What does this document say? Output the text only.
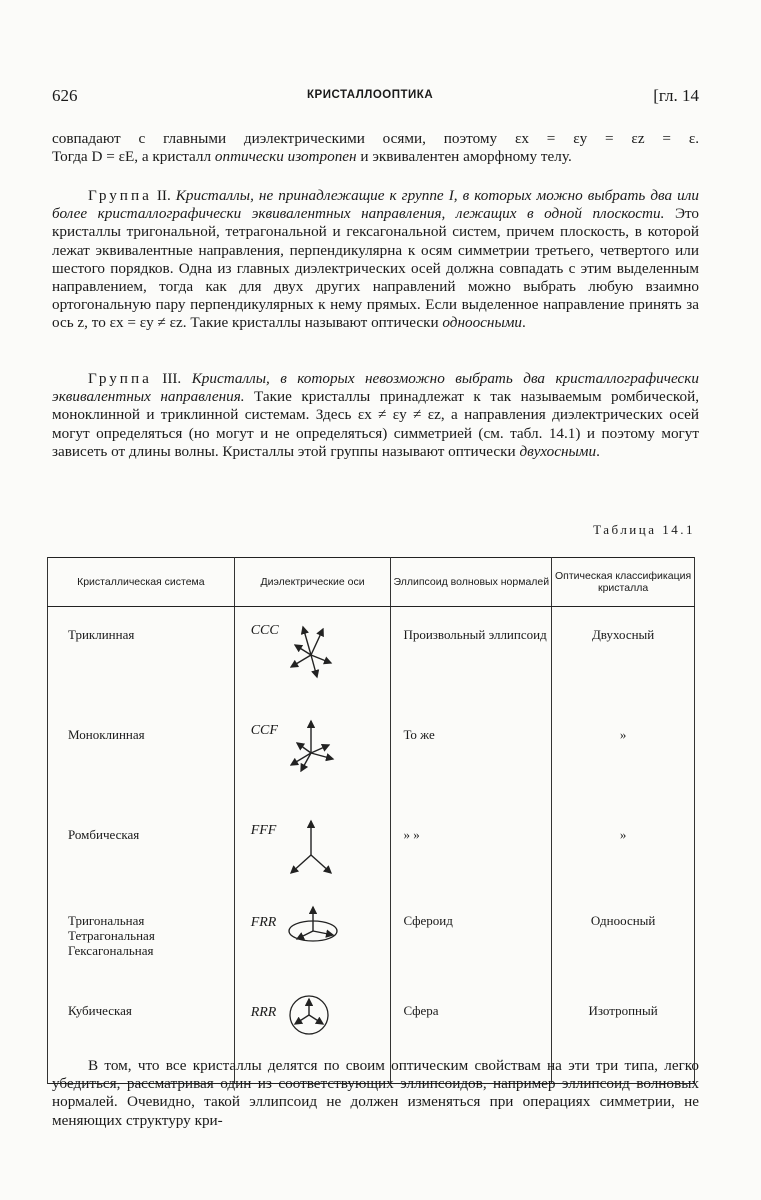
626	КРИСТАЛЛООПТИКА	[гл. 14

совпадают с главными диэлектрическими осями, поэтому εx = εy = εz = ε.

Тогда D = εE, а кристалл оптически изотропен и эквивалентен аморфному телу.

Группа II. Кристаллы, не принадлежащие к группе I, в которых можно выбрать два или более кристаллографически эквивалентных направления, лежащих в одной плоскости. Это кристаллы тригональной, тетрагональной и гексагональной систем, причем плоскость, в которой лежат эквивалентные направления, перпендикулярна к осям симметрии третьего, четвертого или шестого порядков. Одна из главных диэлектрических осей должна совпадать с этим выделенным направлением, тогда как для двух других направлений можно выбрать любую взаимно ортогональную пару перпендикулярных к нему прямых. Если выделенное направление принять за ось z, то εx = εy ≠ εz. Такие кристаллы называют оптически одноосными.

Группа III. Кристаллы, в которых невозможно выбрать два кристаллографически эквивалентных направления. Такие кристаллы принадлежат к так называемым ромбической, моноклинной и триклинной системам. Здесь εx ≠ εy ≠ εz, а направления диэлектрических осей могут определяться (но могут и не определяться) симметрией (см. табл. 14.1) и поэтому могут зависеть от длины волны. Кристаллы этой группы называют оптически двухосными.

Таблица 14.1
Кристаллическая система	Диэлектрические оси	Эллипсоид волновых нормалей	Оптическая классификация кристалла
Триклинная	CCC	Произвольный эллипсоид	Двухосный
Моноклинная	CCF	То же	»
Ромбическая	FFF	» »	»
Тригональная
Тетрагональная
Гексагональная	FRR	Сфероид	Одноосный
Кубическая	RRR	Сфера	Изотропный

В том, что все кристаллы делятся по своим оптическим свойствам на эти три типа, легко убедиться, рассматривая один из соответствующих эллипсоидов, например эллипсоид волновых нормалей. Очевидно, такой эллипсоид не должен изменяться при операциях симметрии, не меняющих структуру кри-
